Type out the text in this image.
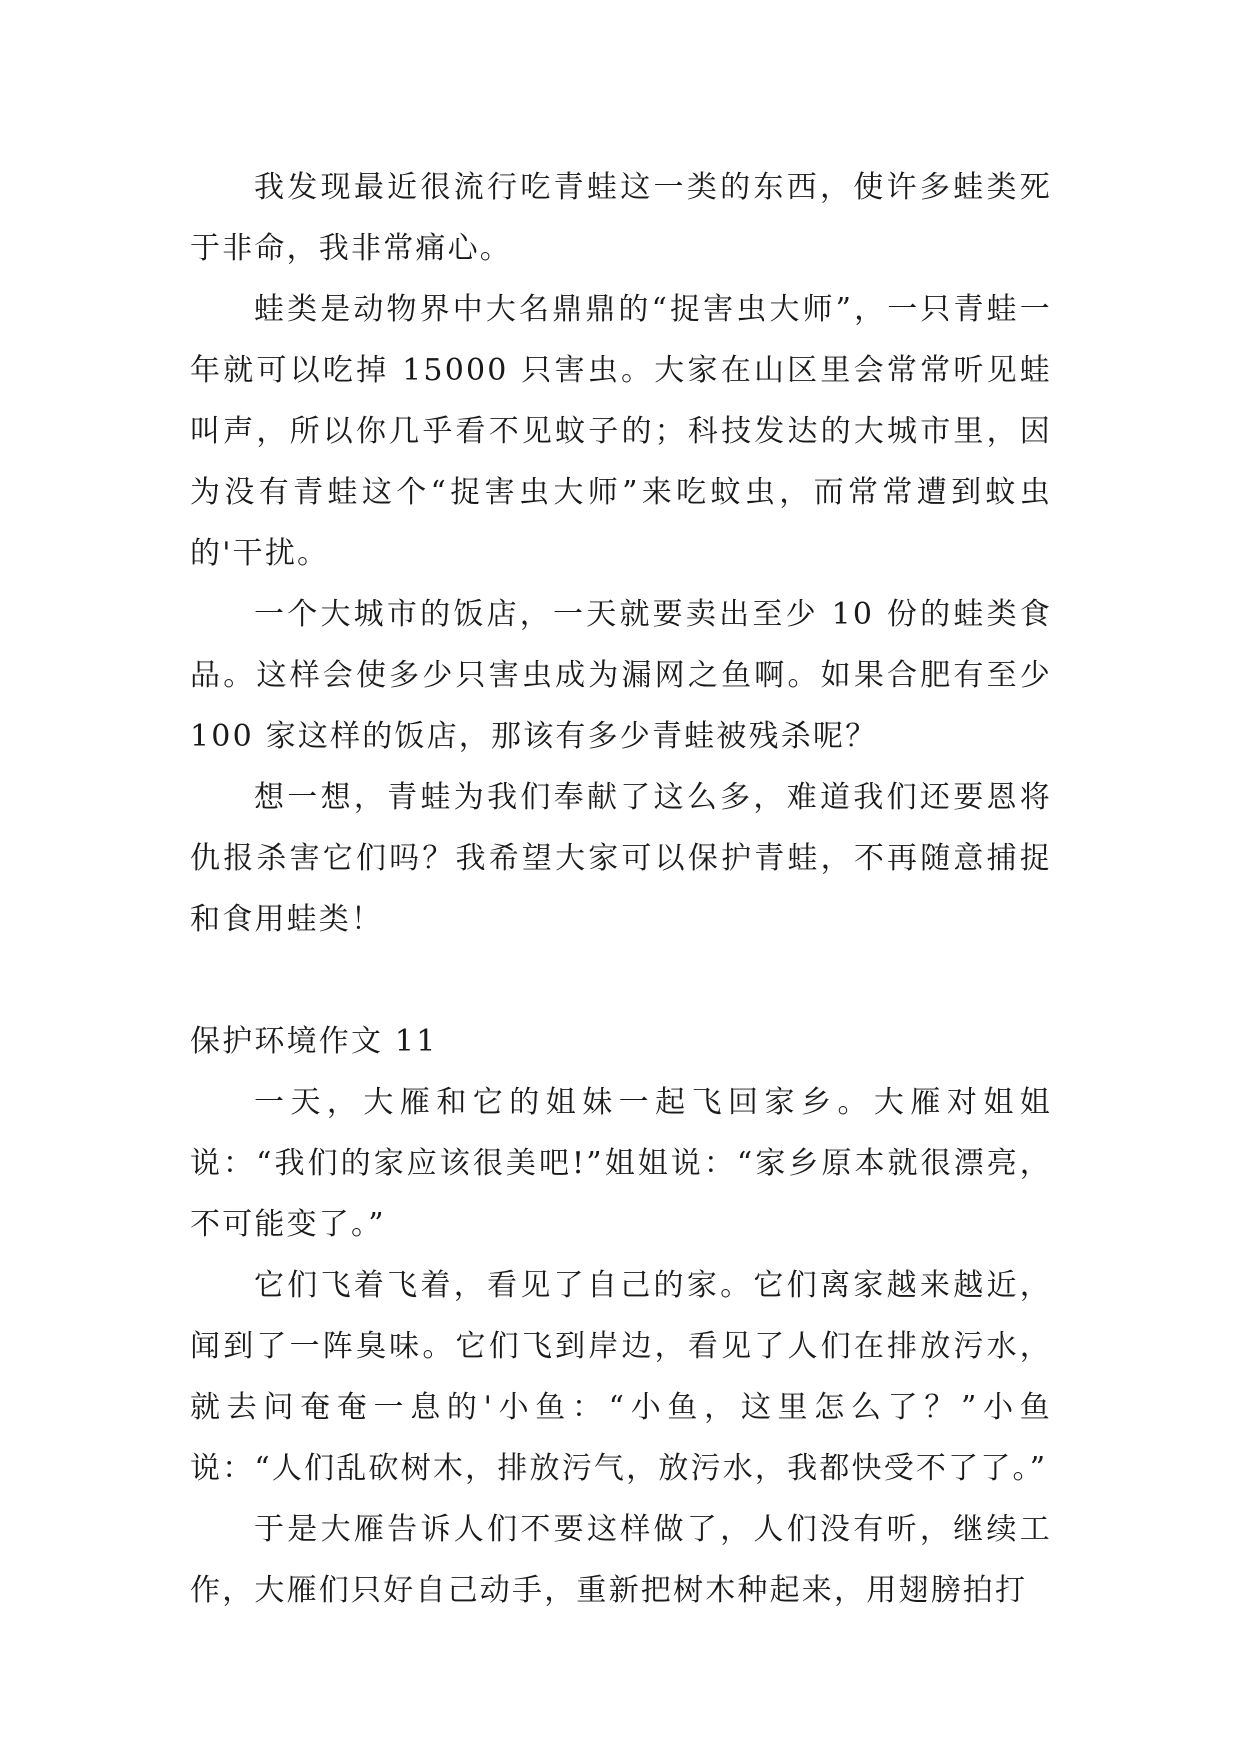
我发现最近很流行吃青蛙这一类的东西，使许多蛙类死于非命，我非常痛心。

蛙类是动物界中大名鼎鼎的“捉害虫大师”，一只青蛙一年就可以吃掉 15000 只害虫。大家在山区里会常常听见蛙叫声，所以你几乎看不见蚊子的；科技发达的大城市里，因为没有青蛙这个“捉害虫大师”来吃蚊虫，而常常遭到蚊虫的'干扰。

一个大城市的饭店，一天就要卖出至少 10 份的蛙类食品。这样会使多少只害虫成为漏网之鱼啊。如果合肥有至少 100 家这样的饭店，那该有多少青蛙被残杀呢？

想一想，青蛙为我们奉献了这么多，难道我们还要恩将仇报杀害它们吗？我希望大家可以保护青蛙，不再随意捕捉和食用蛙类！

保护环境作文 11

一天，大雁和它的姐妹一起飞回家乡。大雁对姐姐说：“我们的家应该很美吧!”姐姐说：“家乡原本就很漂亮，不可能变了。”

它们飞着飞着，看见了自己的家。它们离家越来越近，闻到了一阵臭味。它们飞到岸边，看见了人们在排放污水，就去问奄奄一息的'小鱼：“小鱼，这里怎么了？”小鱼说：“人们乱砍树木，排放污气，放污水，我都快受不了了。”

于是大雁告诉人们不要这样做了，人们没有听，继续工作，大雁们只好自己动手，重新把树木种起来，用翅膀拍打
